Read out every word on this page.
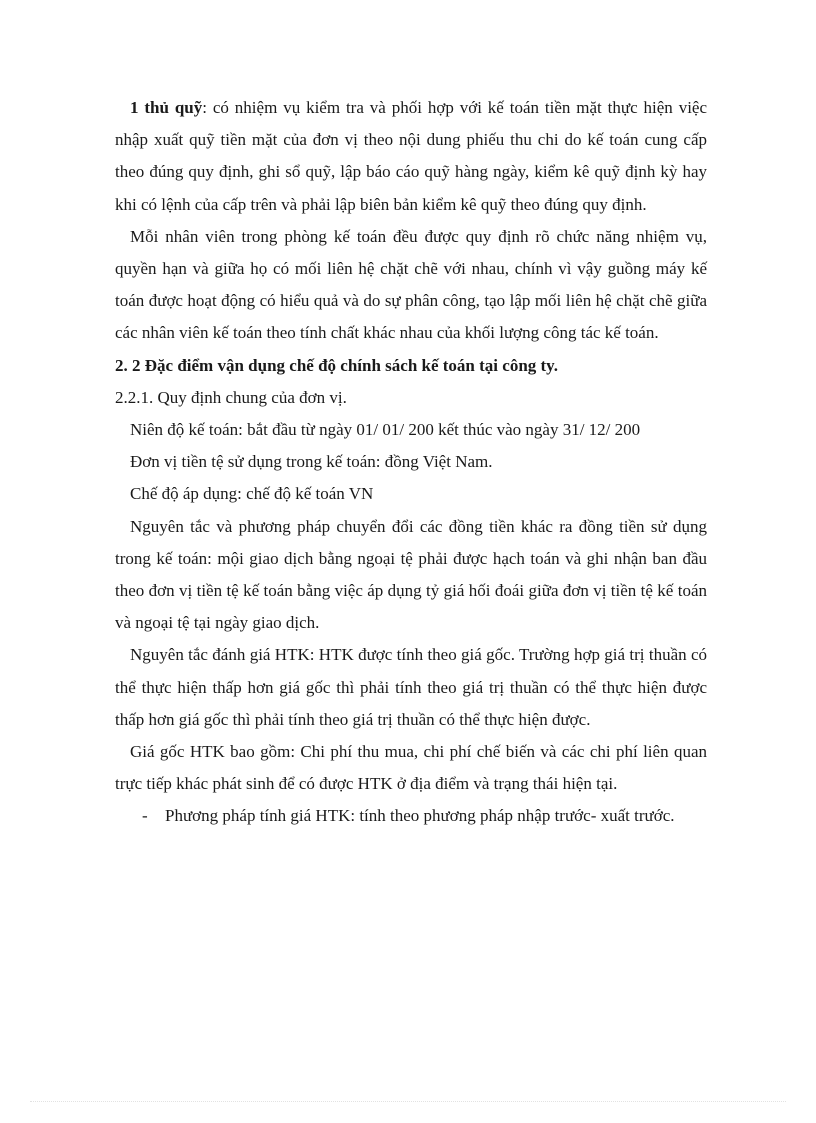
1 thủ quỹ: có nhiệm vụ kiểm tra và phối hợp với kế toán tiền mặt thực hiện việc nhập xuất quỹ tiền mặt của đơn vị theo nội dung phiếu thu chi do kế toán cung cấp theo đúng quy định, ghi sổ quỹ, lập báo cáo quỹ hàng ngày, kiểm kê quỹ định kỳ hay khi có lệnh của cấp trên và phải lập biên bản kiểm kê quỹ theo đúng quy định.

Mỗi nhân viên trong phòng kế toán đều được quy định rõ chức năng nhiệm vụ, quyền hạn và giữa họ có mối liên hệ chặt chẽ với nhau, chính vì vậy guồng máy kế toán được hoạt động có hiểu quả và do sự phân công, tạo lập mối liên hệ chặt chẽ giữa các nhân viên kế toán theo tính chất khác nhau của khối lượng công tác kế toán.

2. 2 Đặc điểm vận dụng chế độ chính sách kế toán tại công ty.

2.2.1. Quy định chung của đơn vị.

Niên độ kế toán: bắt đầu từ ngày 01/ 01/ 200 kết thúc vào ngày 31/ 12/ 200

Đơn vị tiền tệ sử dụng trong kế toán: đồng Việt Nam.

Chế độ áp dụng: chế độ kế toán VN

Nguyên tắc và phương pháp chuyển đổi các đồng tiền khác ra đồng tiền sử dụng trong kế toán: mội giao dịch bằng ngoại tệ phải được hạch toán và ghi nhận ban đầu theo đơn vị tiền tệ kế toán bằng việc áp dụng tỷ giá hối đoái giữa đơn vị tiền tệ kế toán và ngoại tệ tại ngày giao dịch.

Nguyên tắc đánh giá HTK: HTK được tính theo giá gốc. Trường hợp giá trị thuần có thể thực hiện thấp hơn giá gốc thì phải tính theo giá trị thuần có thể thực hiện được thấp hơn giá gốc thì phải tính theo giá trị thuần có thể thực hiện được.

Giá gốc HTK bao gồm: Chi phí thu mua, chi phí chế biến và các chi phí liên quan trực tiếp khác phát sinh để có được HTK ở địa điểm và trạng thái hiện tại.

- Phương pháp tính giá HTK: tính theo phương pháp nhập trước- xuất trước.
